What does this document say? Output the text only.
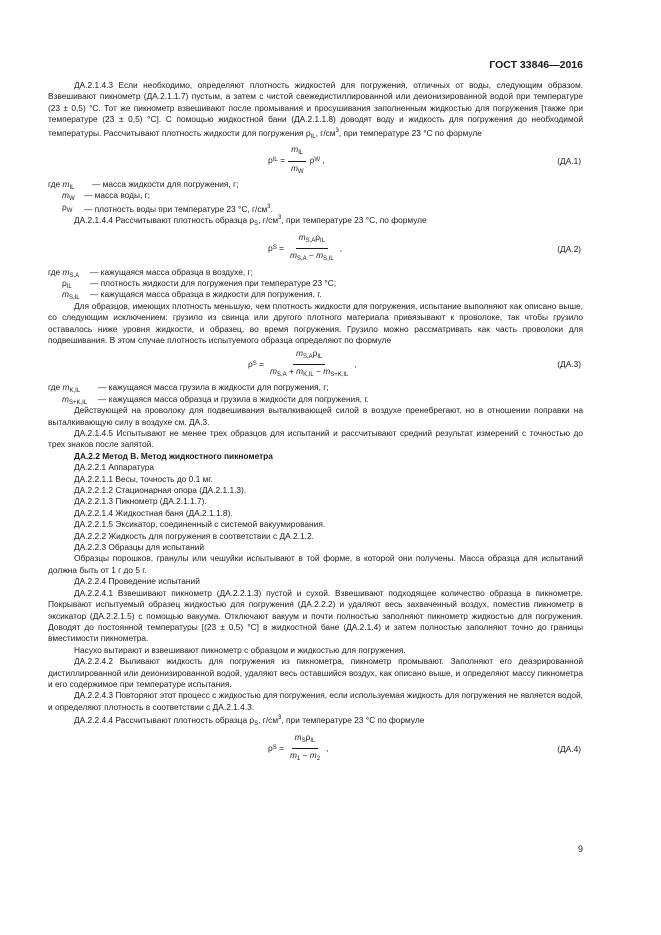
ГОСТ 33846—2016

ДА.2.1.4.3 Если необходимо, определяют плотность жидкостей для погружения, отличных от воды, следующим образом. Взвешивают пикнометр (ДА.2.1.1.7) пустым, а затем с чистой свежедистиллированной или деионизированной водой при температуре (23 ± 0,5) °С. Тот же пикнометр взвешивают после промывания и просушивания заполненным жидкостью для погружения [также при температуре (23 ± 0,5) °С]. С помощью жидкостной бани (ДА.2.1.1.8) доводят воду и жидкость для погружения до необходимой температуры. Рассчитывают плотность жидкости для погружения $\rho_{IL}$, $г/см^3$, при температуре 23 °С по формуле

ρ IL
= $\frac{m_{IL}}{m_W}$ ρ W
,	(ДА.1)
где $m_{IL}$ — масса жидкости для погружения, г;
$m_W$ — масса воды, г;
$\rho_W$ — плотность воды при температуре 23 °С, $г/см^3$.

ДА.2.1.4.4 Рассчитывают плотность образца $\rho_S$, $г/см^3$, при температуре 23 °С, по формуле

ρ S
= $\frac{m_{S,A}\rho_{IL}}{m_{S,A} - m_{S,IL}}$ ,	(ДА.2)
где $m_{S,A}$ — кажущаяся масса образца в воздухе, г;
$\rho_{IL}$ — плотность жидкости для погружения при температуре 23 °С;
$m_{S,IL}$ — кажущаяся масса образца в жидкости для погружения, г.

Для образцов, имеющих плотность меньшую, чем плотность жидкости для погружения, испытание выполняют как описано выше, со следующим исключением: грузило из свинца или другого плотного материала привязывают к проволоке, так чтобы грузило оставалось ниже уровня жидкости, и образец, во время погружения. Грузило можно рассматривать как часть проволоки для подвешивания. В этом случае плотность испытуемого образца определяют по формуле

ρ S
= $\frac{m_{S,A}\rho_{IL}}{m_{S,A} + m_{K,IL} - m_{S+K,IL}}$ ,	(ДА.3)
где $m_{K,IL}$ — кажущаяся масса грузила в жидкости для погружения, г;
$m_{S+K,IL}$ — кажущаяся масса образца и грузила в жидкости для погружения, г.

Действующей на проволоку для подвешивания выталкивающей силой в воздухе пренебрегают, но в отношении поправки на выталкивающую силу в воздухе см. ДА.3.

ДА.2.1.4.5 Испытывают не менее трех образцов для испытаний и рассчитывают средний результат измерений с точностью до трех знаков после запятой.

ДА.2.2 Метод В. Метод жидкостного пикнометра

ДА.2.2.1 Аппаратура

ДА.2.2.1.1 Весы, точность до 0.1 мг.

ДА.2.2.1.2 Стационарная опора (ДА.2.1.1.3).

ДА.2.2.1.3 Пикнометр (ДА.2.1.1.7).

ДА.2.2.1.4 Жидкостная баня (ДА.2.1.1.8).

ДА.2.2.1.5 Эксикатор, соединенный с системой вакуумирования.

ДА.2.2.2 Жидкость для погружения в соответствии с ДА.2.1.2.

ДА.2.2.3 Образцы для испытаний

Образцы порошков, гранулы или чешуйки испытывают в той форме, в которой они получены. Масса образца для испытаний должна быть от 1 г до 5 г.

ДА.2.2.4 Проведение испытаний

ДА.2.2.4.1 Взвешивают пикнометр (ДА.2.2.1.3) пустой и сухой. Взвешивают подходящее количество образца в пикнометре. Покрывают испытуемый образец жидкостью для погружения (ДА.2.2.2) и удаляют весь захваченный воздух, поместив пикнометр в эксикатор (ДА.2.2.1.5) с помощью вакуума. Отключают вакуум и почти полностью заполняют пикнометр жидкостью для погружения. Доводят до постоянной температуры [(23 ± 0,5) °С] в жидкостной бане (ДА.2.1.4) и затем полностью заполняют точно до границы вместимости пикнометра.

Насухо вытирают и взвешивают пикнометр с образцом и жидкостью для погружения.

ДА.2.2.4.2 Выливают жидкость для погружения из пикнометра, пикнометр промывают. Заполняют его деаэрированной дистиллированной или деионизированной водой, удаляют весь оставшийся воздух, как описано выше, и определяют массу пикнометра и его содержимое при температуре испытания.

ДА.2.2.4.3 Повторяют этот процесс с жидкостью для погружения, если используемая жидкость для погружения не является водой, и определяют плотность в соответствии с ДА.2.1.4.3.

ДА.2.2.4.4 Рассчитывают плотность образца $\rho_S$, $г/см^3$, при температуре 23 °С по формуле

ρ S
= $\frac{m_S\rho_{IL}}{m_1 - m_2}$ ,	(ДА.4)
9
